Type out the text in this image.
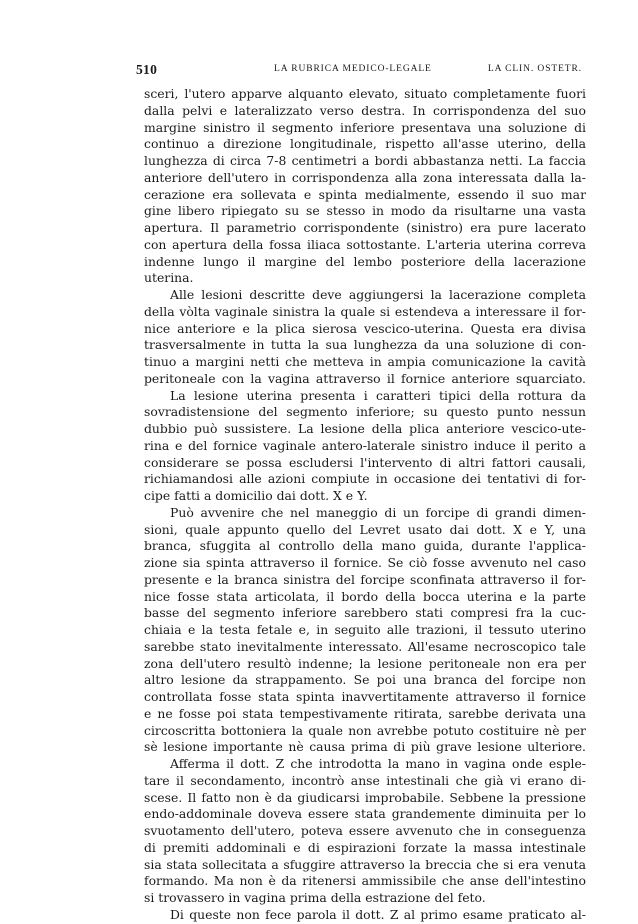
510	LA RUBRICA MEDICO-LEGALE	LA CLIN. OSTETR.
sceri, l'utero apparve alquanto elevato, situato completamente fuori
dalla pelvi e lateralizzato verso destra. In corrispondenza del suo
margine sinistro il segmento inferiore presentava una soluzione di
continuo a direzione longitudinale, rispetto all'asse uterino, della
lunghezza di circa 7-8 centimetri a bordi abbastanza netti. La faccia
anteriore dell'utero in corrispondenza alla zona interessata dalla la-
cerazione era sollevata e spinta medialmente, essendo il suo mar
gine libero ripiegato su se stesso in modo da risultarne una vasta
apertura. Il parametrio corrispondente (sinistro) era pure lacerato
con apertura della fossa iliaca sottostante. L'arteria uterina correva
indenne lungo il margine del lembo posteriore della lacerazione
uterina.
Alle lesioni descritte deve aggiungersi la lacerazione completa
della vòlta vaginale sinistra la quale si estendeva a interessare il for-
nice anteriore e la plica sierosa vescico-uterina. Questa era divisa
trasversalmente in tutta la sua lunghezza da una soluzione di con-
tinuo a margini netti che metteva in ampia comunicazione la cavità
peritoneale con la vagina attraverso il fornice anteriore squarciato.
La lesione uterina presenta i caratteri tipici della rottura da
sovradistensione del segmento inferiore; su questo punto nessun
dubbio può sussistere. La lesione della plica anteriore vescico-ute-
rina e del fornice vaginale antero-laterale sinistro induce il perito a
considerare se possa escludersi l'intervento di altri fattori causali,
richiamandosi alle azioni compiute in occasione dei tentativi di for-
cipe fatti a domicilio dai dott. X e Y.
Può avvenire che nel maneggio di un forcipe di grandi dimen-
sioni, quale appunto quello del Levret usato dai dott. X e Y, una
branca, sfuggita al controllo della mano guida, durante l'applica-
zione sia spinta attraverso il fornice. Se ciò fosse avvenuto nel caso
presente e la branca sinistra del forcipe sconfinata attraverso il for-
nice fosse stata articolata, il bordo della bocca uterina e la parte
basse del segmento inferiore sarebbero stati compresi fra la cuc-
chiaia e la testa fetale e, in seguito alle trazioni, il tessuto uterino
sarebbe stato inevitalmente interessato. All'esame necroscopico tale
zona dell'utero resultò indenne; la lesione peritoneale non era per
altro lesione da strappamento. Se poi una branca del forcipe non
controllata fosse stata spinta inavvertitamente attraverso il fornice
e ne fosse poi stata tempestivamente ritirata, sarebbe derivata una
circoscritta bottoniera la quale non avrebbe potuto costituire nè per
sè lesione importante nè causa prima di più grave lesione ulteriore.
Afferma il dott. Z che introdotta la mano in vagina onde esple-
tare il secondamento, incontrò anse intestinali che già vi erano di-
scese. Il fatto non è da giudicarsi improbabile. Sebbene la pressione
endo-addominale doveva essere stata grandemente diminuita per lo
svuotamento dell'utero, poteva essere avvenuto che in conseguenza
di premiti addominali e di espirazioni forzate la massa intestinale
sia stata sollecitata a sfuggire attraverso la breccia che si era venuta
formando. Ma non è da ritenersi ammissibile che anse dell'intestino
si trovassero in vagina prima della estrazione del feto.
Di queste non fece parola il dott. Z al primo esame praticato al-
